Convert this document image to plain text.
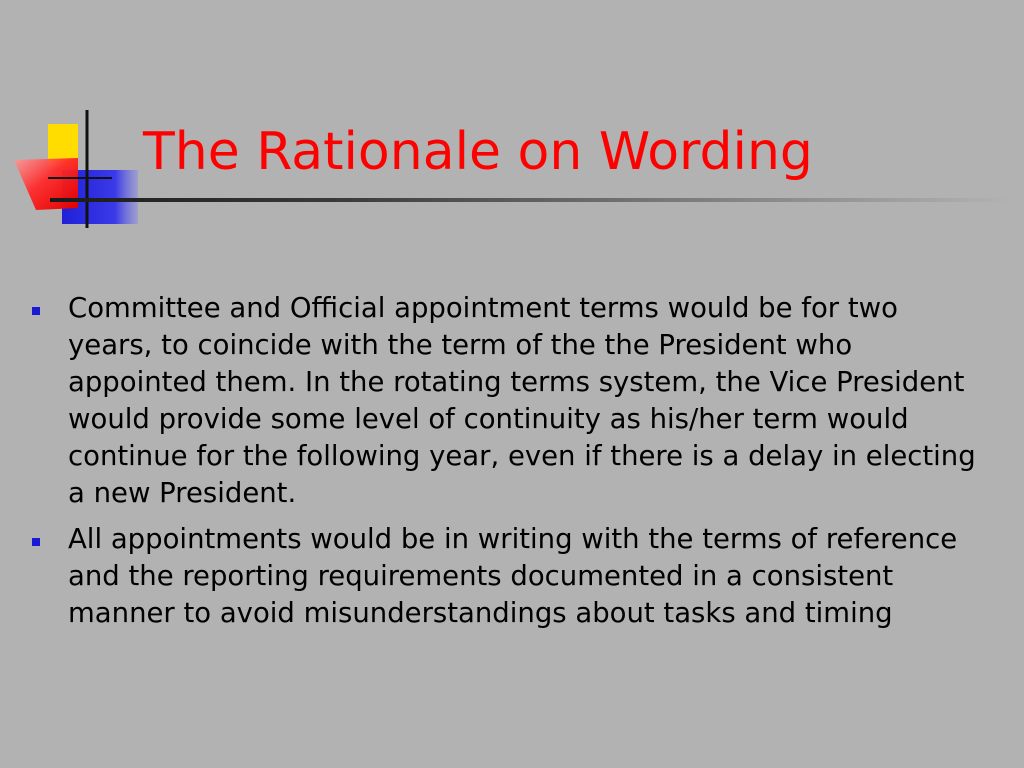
The Rationale on Wording
Committee and Official appointment terms would be for two years, to coincide with the term of the the President who appointed them. In the rotating terms system, the Vice President would provide some level of continuity as his/her term would continue for the following year, even if there is a delay in electing a new President.
All appointments would be in writing with the terms of reference and the reporting requirements documented in a consistent manner to avoid misunderstandings about tasks and timing
